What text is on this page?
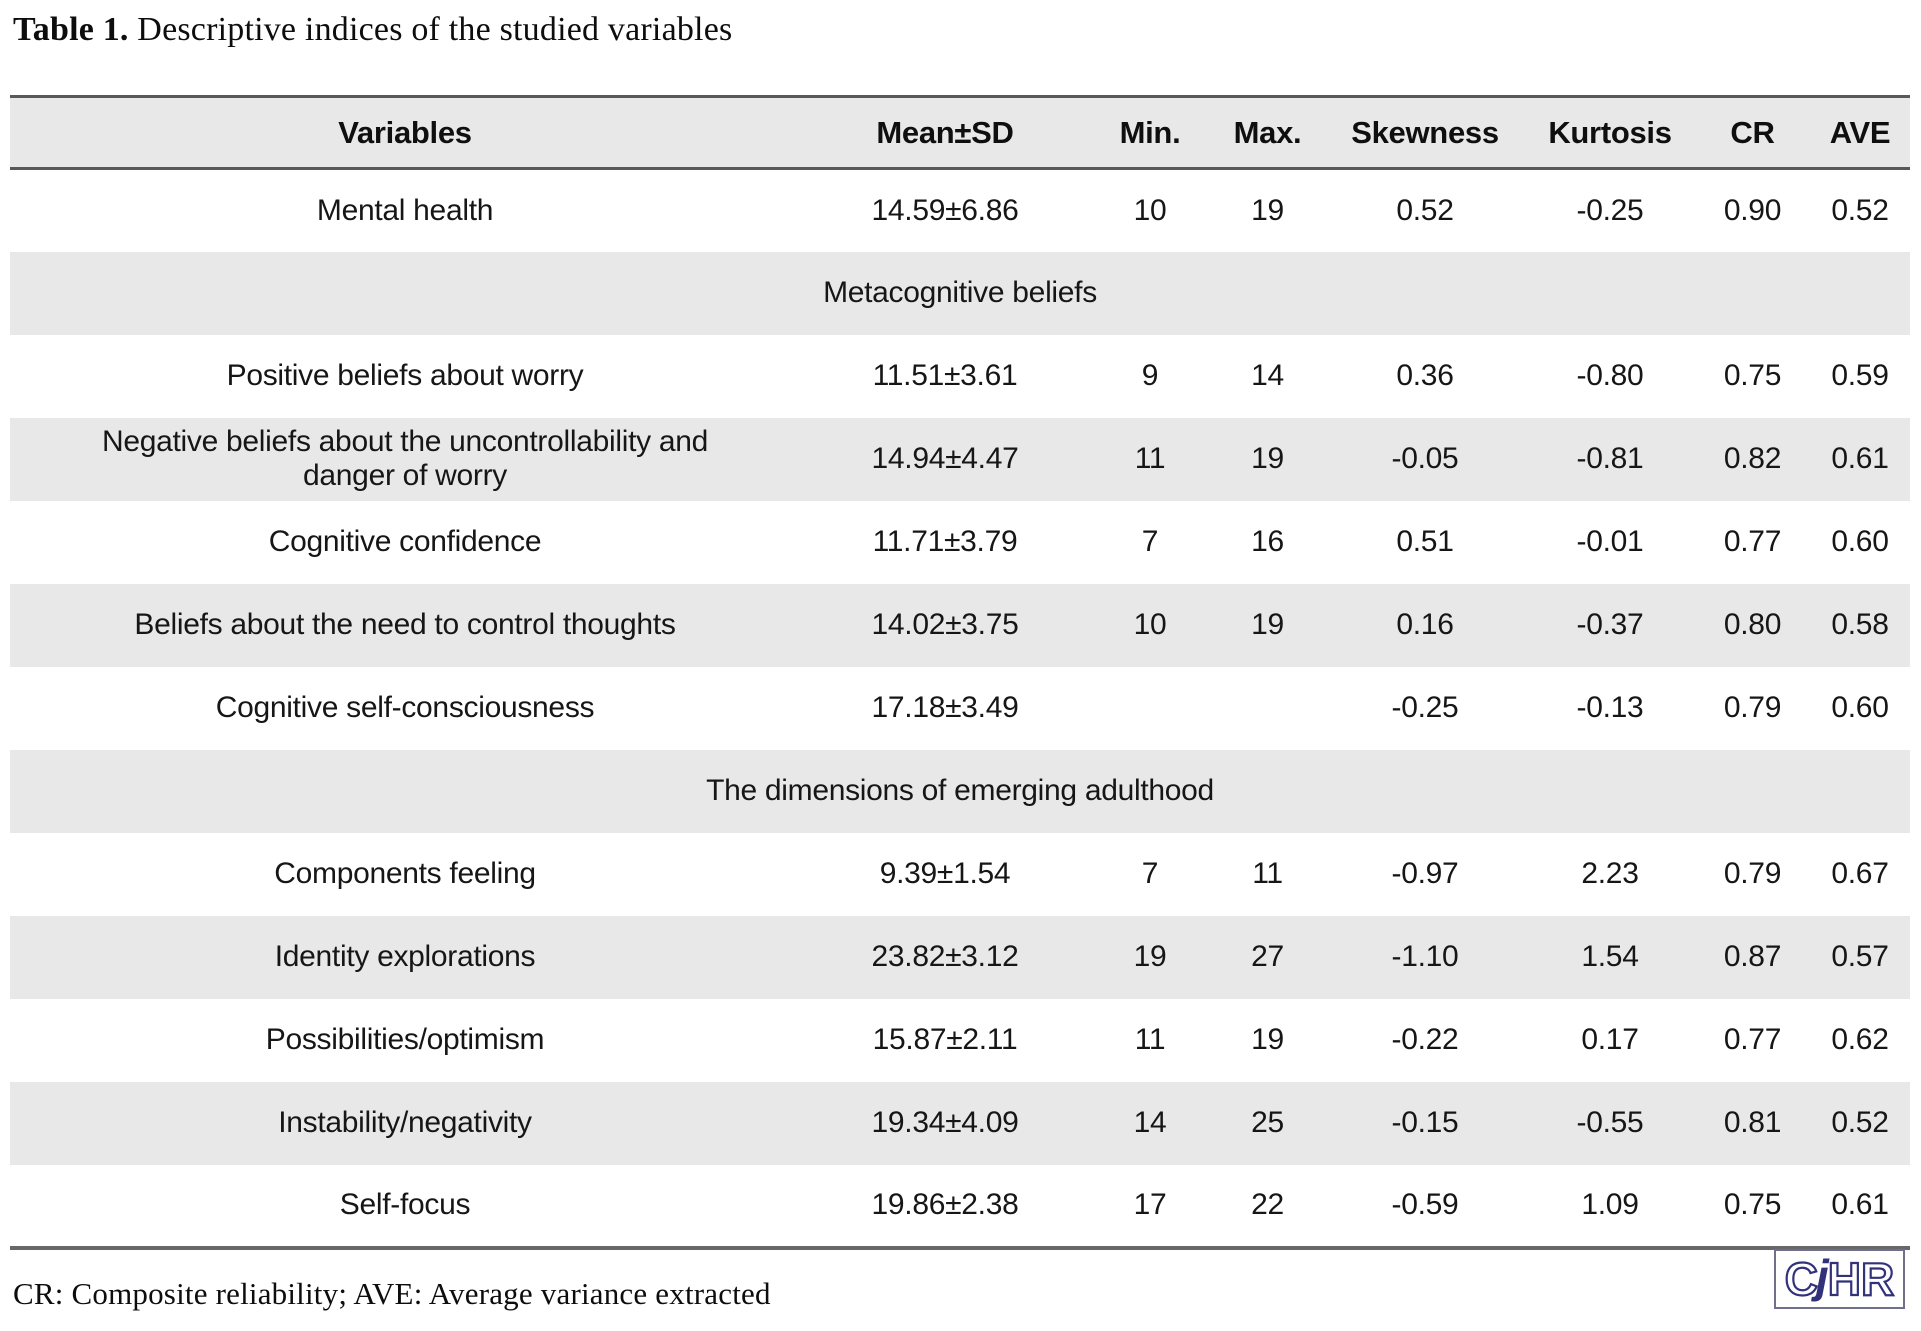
Table 1. Descriptive indices of the studied variables
Variables	Mean±SD	Min.	Max.	Skewness	Kurtosis	CR	AVE
Mental health	14.59±6.86	10	19	0.52	-0.25	0.90	0.52
Metacognitive beliefs							
Positive beliefs about worry	11.51±3.61	9	14	0.36	-0.80	0.75	0.59
Negative beliefs about the uncontrollability and danger of worry	14.94±4.47	11	19	-0.05	-0.81	0.82	0.61
Cognitive confidence	11.71±3.79	7	16	0.51	-0.01	0.77	0.60
Beliefs about the need to control thoughts	14.02±3.75	10	19	0.16	-0.37	0.80	0.58
Cognitive self-consciousness	17.18±3.49			-0.25	-0.13	0.79	0.60
The dimensions of emerging adulthood							
Components feeling	9.39±1.54	7	11	-0.97	2.23	0.79	0.67
Identity explorations	23.82±3.12	19	27	-1.10	1.54	0.87	0.57
Possibilities/optimism	15.87±2.11	11	19	-0.22	0.17	0.77	0.62
Instability/negativity	19.34±4.09	14	25	-0.15	-0.55	0.81	0.52
Self-focus	19.86±2.38	17	22	-0.59	1.09	0.75	0.61
CR: Composite reliability; AVE: Average variance extracted	C
j H R
